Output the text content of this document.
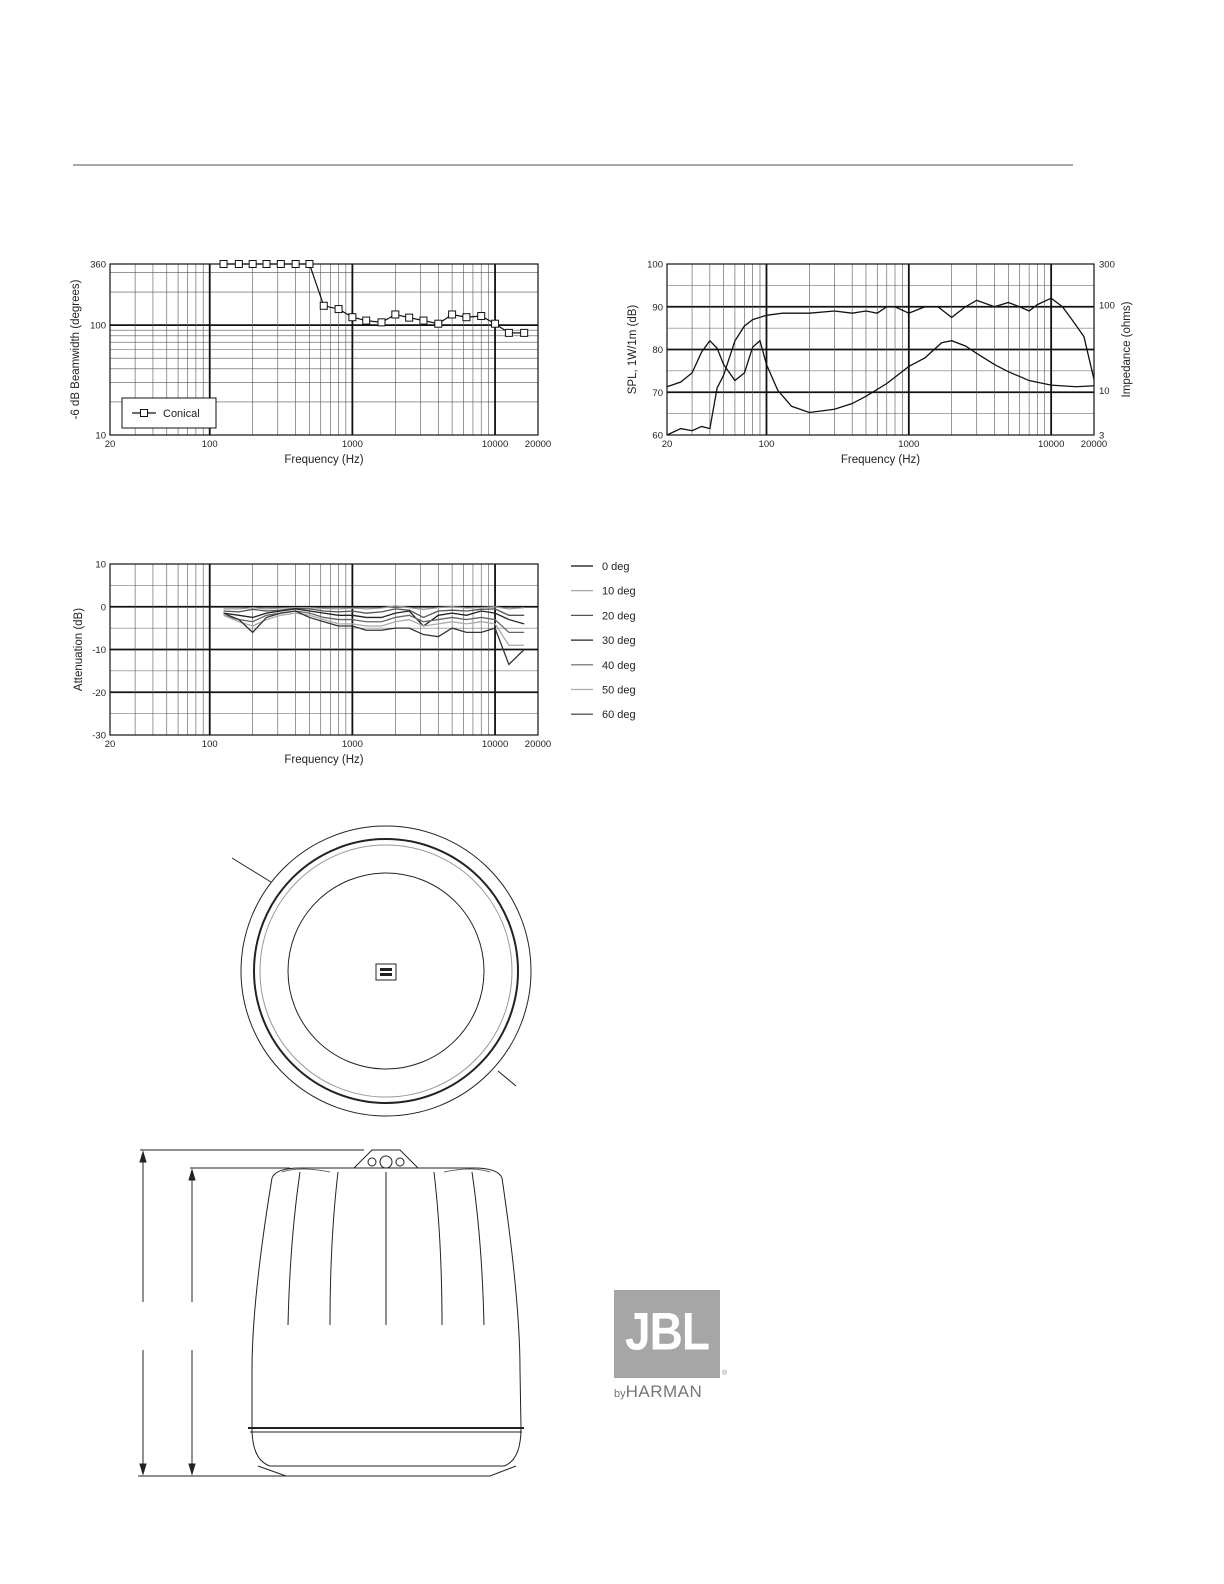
10
100
360
20	100	1000	10000 20000
Frequency (Hz)
-6 dB Beamwidth (degrees)	Conical
60
70
80
90
100
3
10
100
300
20	100	1000	10000 20000
Frequency (Hz)
SPL, 1W/1m (dB)	Impedance (ohms)
10
0
-10
-20
-30
20	100	1000	10000 20000
Frequency (Hz)
Attenuation (dB)
0 deg
10 deg
20 deg
30 deg
40 deg
50 deg
60 deg
JBL
®
byHARMAN
